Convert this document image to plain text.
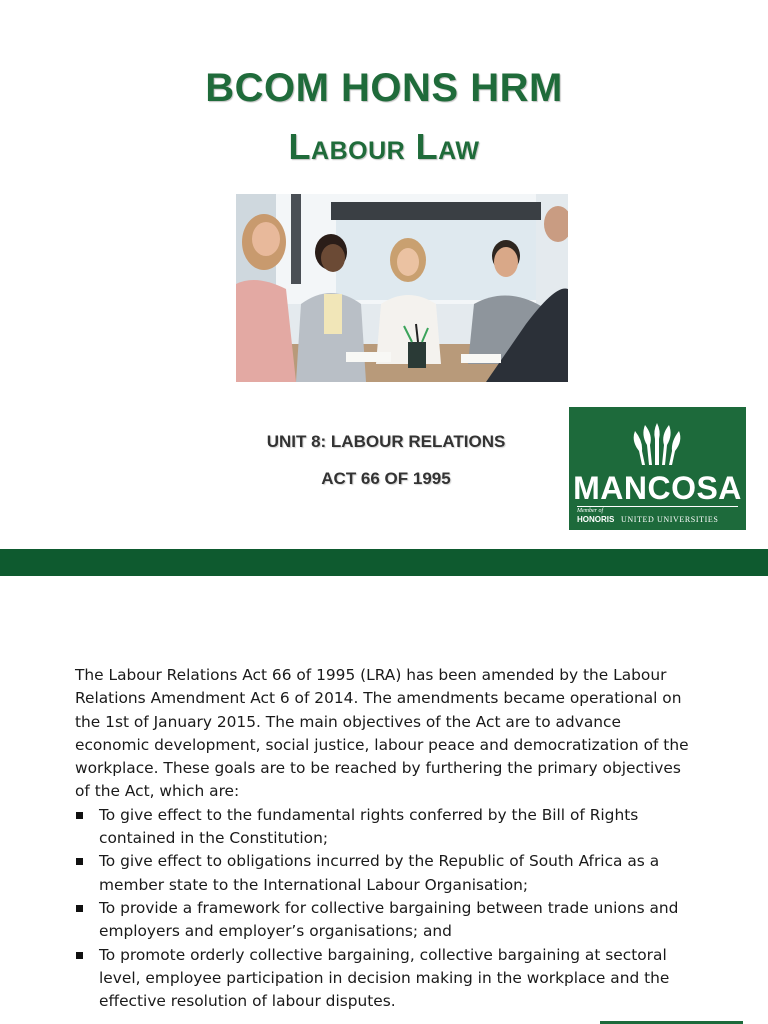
BCOM HONS HRM
Labour Law
UNIT 8: LABOUR RELATIONS
ACT 66 OF 1995	MANCOSA
Member of
HONORIS UNITED UNIVERSITIES

The Labour Relations Act 66 of 1995 (LRA) has been amended by the Labour Relations Amendment Act 6 of 2014. The amendments became operational on the 1st of January 2015. The main objectives of the Act are to advance economic development, social justice, labour peace and democratization of the workplace. These goals are to be reached by furthering the primary objectives of the Act, which are:

To give effect to the fundamental rights conferred by the Bill of Rights contained in the Constitution;
To give effect to obligations incurred by the Republic of South Africa as a member state to the International Labour Organisation;
To provide a framework for collective bargaining between trade unions and employers and employer’s organisations; and
To promote orderly collective bargaining, collective bargaining at sectoral level, employee participation in decision making in the workplace and the effective resolution of labour disputes.
